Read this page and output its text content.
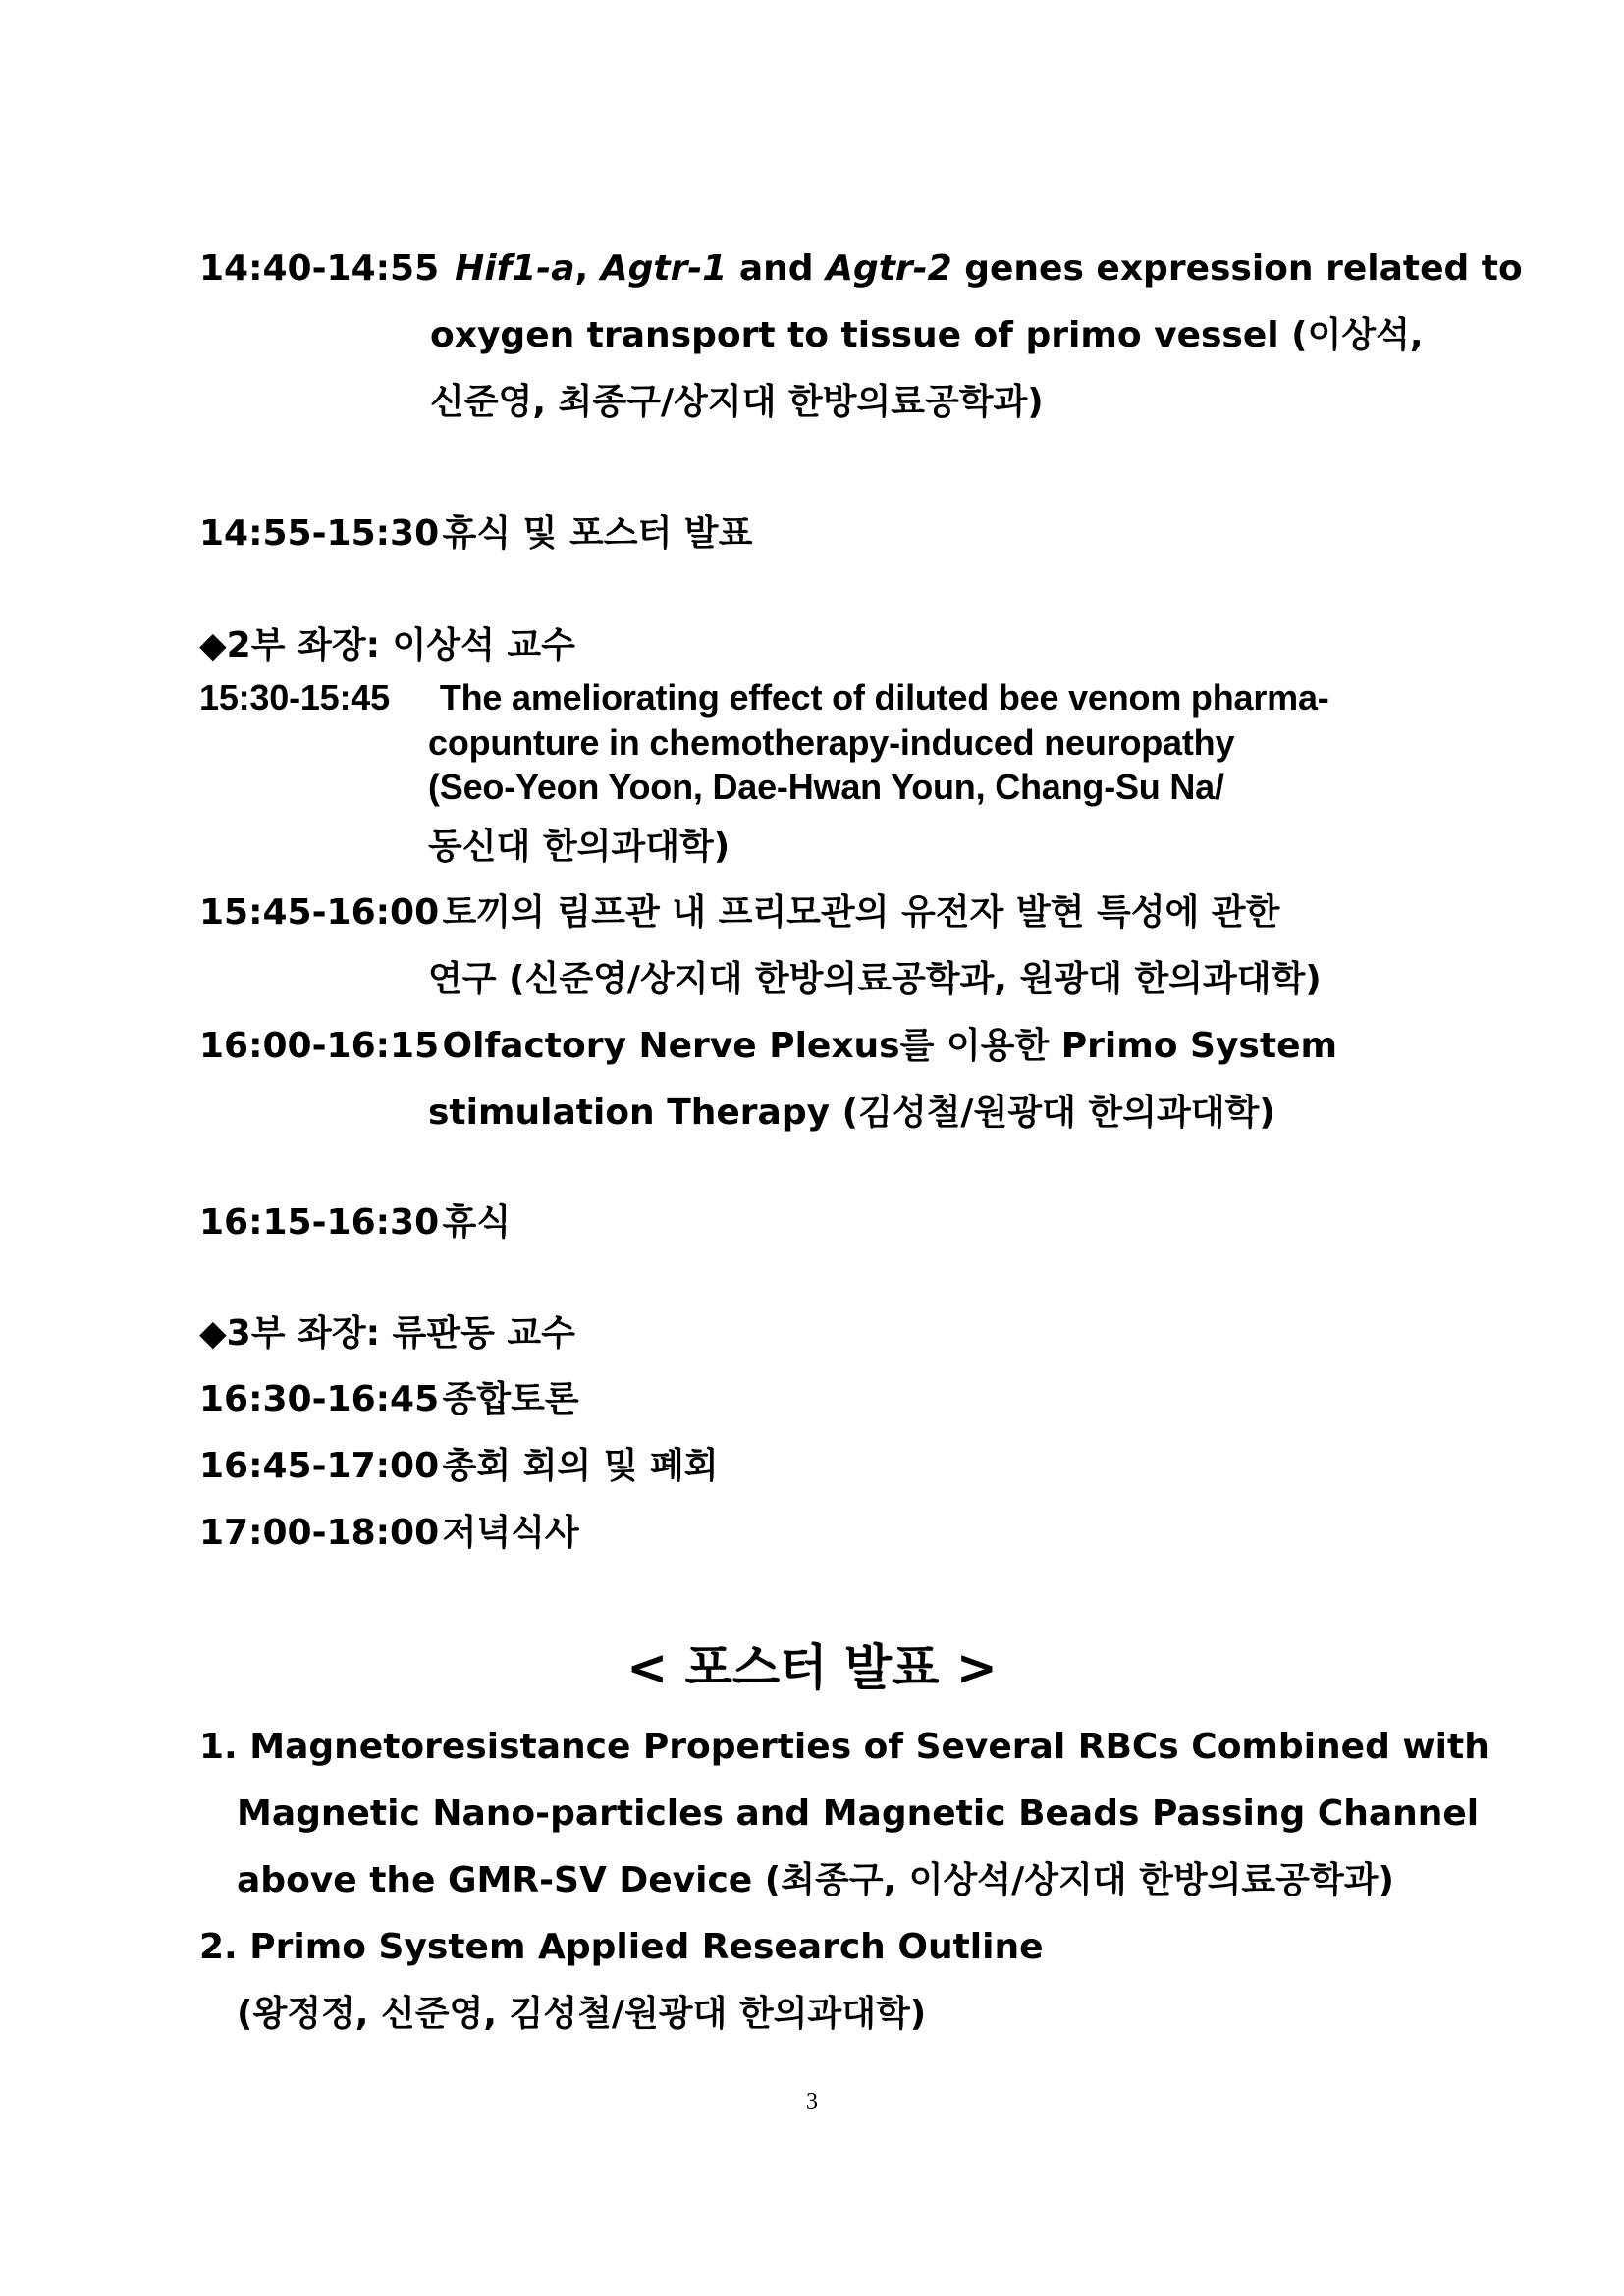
14:40-14:55 Hif1-a, Agtr-1 and Agtr-2 genes expression related to
oxygen transport to tissue of primo vessel (이상석,
신준영, 최종구/상지대 한방의료공학과)
14:55-15:30 휴식 및 포스터 발표
◆2부 좌장: 이상석 교수
15:30-15:45 The ameliorating effect of diluted bee venom pharma-
copunture in chemotherapy-induced neuropathy
(Seo-Yeon Yoon, Dae-Hwan Youn, Chang-Su Na/
동신대 한의과대학)
15:45-16:00 토끼의 림프관 내 프리모관의 유전자 발현 특성에 관한
연구 (신준영/상지대 한방의료공학과, 원광대 한의과대학)
16:00-16:15 Olfactory Nerve Plexus를 이용한 Primo System
stimulation Therapy (김성철/원광대 한의과대학)
16:15-16:30 휴식
◆3부 좌장: 류판동 교수
16:30-16:45 종합토론
16:45-17:00 총회 회의 및 폐회
17:00-18:00 저녁식사
< 포스터 발표 >
1. Magnetoresistance Properties of Several RBCs Combined with
Magnetic Nano-particles and Magnetic Beads Passing Channel
above the GMR-SV Device (최종구, 이상석/상지대 한방의료공학과)
2. Primo System Applied Research Outline
(왕정정, 신준영, 김성철/원광대 한의과대학)
3
